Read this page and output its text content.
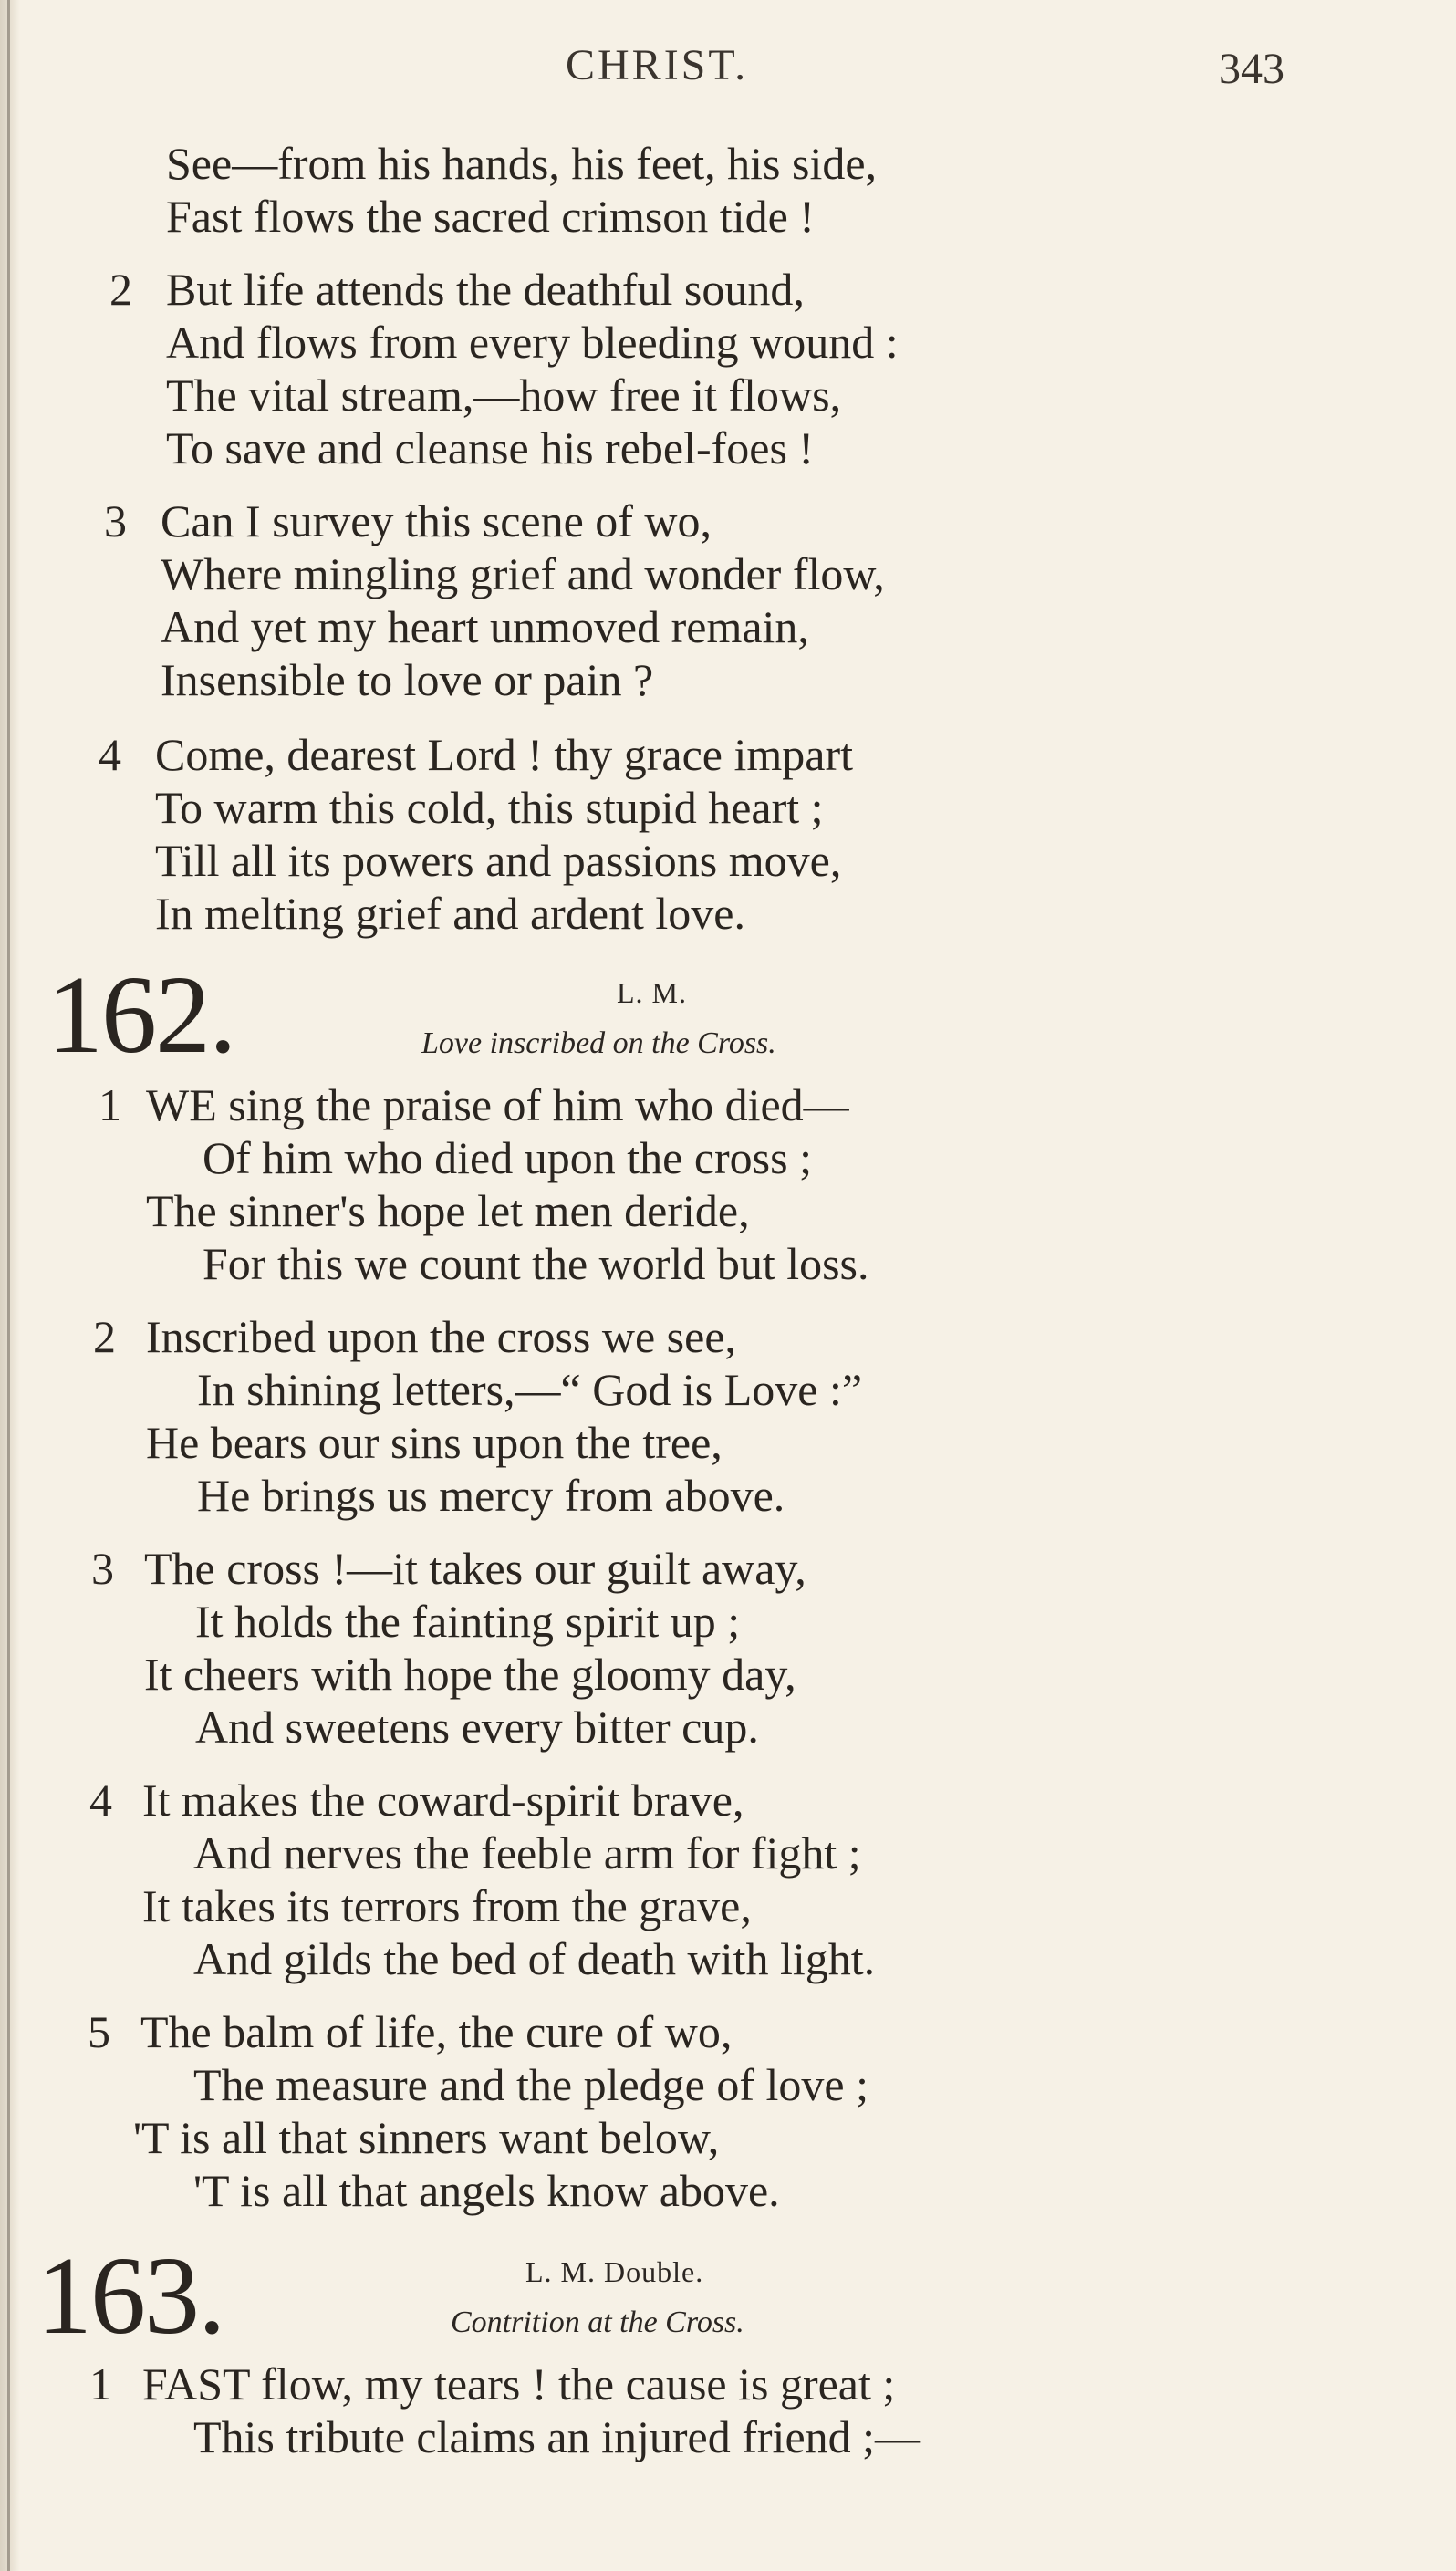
CHRIST.	343
See—from his hands, his feet, his side,
Fast flows the sacred crimson tide !
2 But life attends the deathful sound,
And flows from every bleeding wound :
The vital stream,—how free it flows,
To save and cleanse his rebel-foes !
3 Can I survey this scene of wo,
Where mingling grief and wonder flow,
And yet my heart unmoved remain,
Insensible to love or pain ?
4 Come, dearest Lord ! thy grace impart
To warm this cold, this stupid heart ;
Till all its powers and passions move,
In melting grief and ardent love.
162.	L. M.
Love inscribed on the Cross.
1 WE sing the praise of him who died—
Of him who died upon the cross ;
The sinner's hope let men deride,
For this we count the world but loss.
2 Inscribed upon the cross we see,
In shining letters,—“ God is Love :”
He bears our sins upon the tree,
He brings us mercy from above.
3 The cross !—it takes our guilt away,
It holds the fainting spirit up ;
It cheers with hope the gloomy day,
And sweetens every bitter cup.
4 It makes the coward-spirit brave,
And nerves the feeble arm for fight ;
It takes its terrors from the grave,
And gilds the bed of death with light.
5 The balm of life, the cure of wo,
The measure and the pledge of love ;
'T is all that sinners want below,
'T is all that angels know above.
163.	L. M. Double.
Contrition at the Cross.
1 FAST flow, my tears ! the cause is great ;
This tribute claims an injured friend ;—
